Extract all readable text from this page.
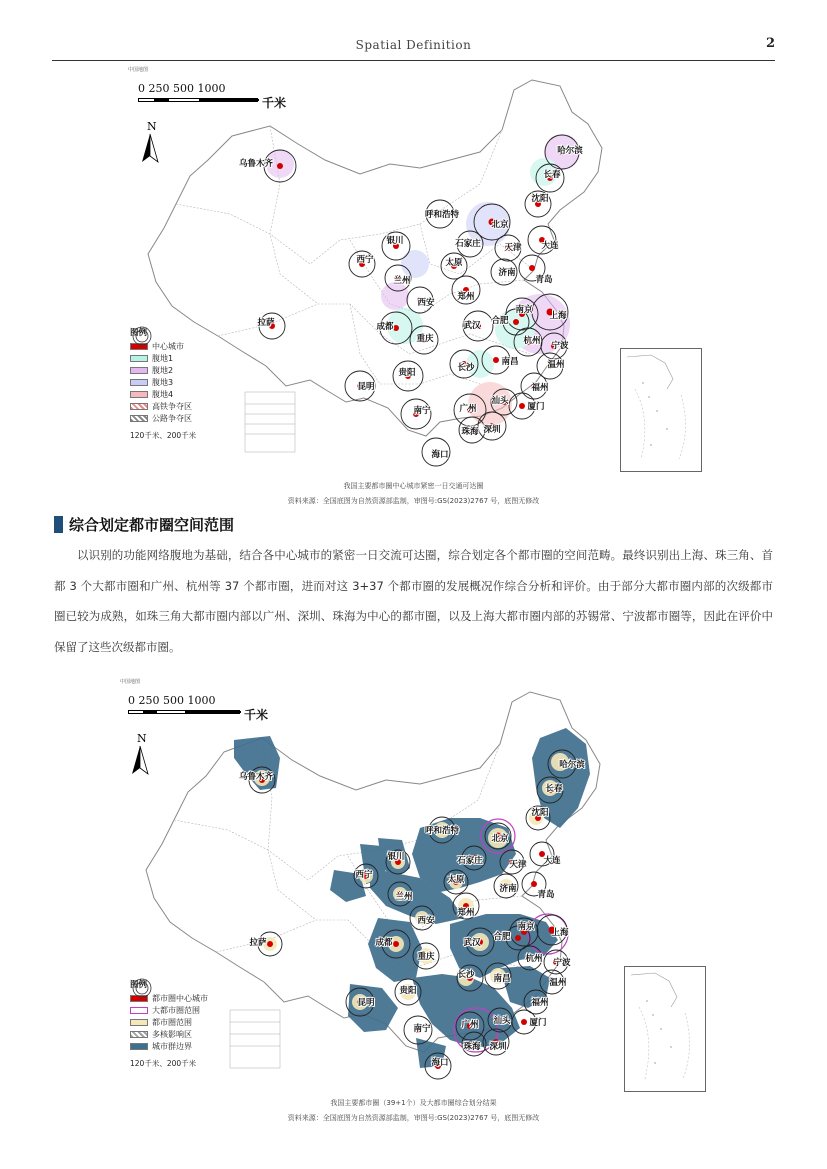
Spatial Definition	2
中国地图
0 250 500 1000
千米
N
哈尔滨
长春
乌鲁木齐
沈阳
呼和浩特
北京
大连
石家庄	天津
银川
太原
西宁
济南
青岛
兰州
郑州
西安
南京
拉萨	合肥	上海
成都	武汉
重庆	杭州 宁波
南昌
长沙
贵阳
温州
福州
昆明
南宁	广州
汕头
厦门
深圳
珠海
海口
图例
中心城市
腹地1
腹地2
腹地3
腹地4
高铁争夺区
公路争夺区
120千米、200千米
我国主要都市圈中心城市紧密一日交通可达圈
资料来源：全国底图为自然资源部监制，审图号:GS(2023)2767 号，底图无修改
综合划定都市圈空间范围
以识别的功能网络腹地为基础，结合各中心城市的紧密一日交流可达圈，综合划定各个都市圈的空间范畴。最终识别出上海、珠三角、首都 3 个大都市圈和广州、杭州等 37 个都市圈，进而对这 3+37 个都市圈的发展概况作综合分析和评价。由于部分大都市圈内部的次级都市圈已较为成熟，如珠三角大都市圈内部以广州、深圳、珠海为中心的都市圈，以及上海大都市圈内部的苏锡常、宁波都市圈等，因此在评价中保留了这些次级都市圈。
中国地图
0 250 500 1000
千米
N
哈尔滨
乌鲁木齐
长春
沈阳
呼和浩特
北京
石家庄	天津 大连
银川
太原
西宁
济南
青岛
兰州
郑州
西安
南京
拉萨
合肥	上海
成都	武汉
重庆	杭州 宁波
长沙 南昌	温州
福州
贵阳
昆明
南宁
汕头
广州	厦门
深圳
珠海
海口
图例
都市圈中心城市
大都市圈范围
都市圈范围
多核影响区
城市群边界
120千米、200千米
我国主要都市圈（39+1个）及大都市圈综合划分结果
资料来源：全国底图为自然资源部监制，审图号:GS(2023)2767 号，底图无修改
